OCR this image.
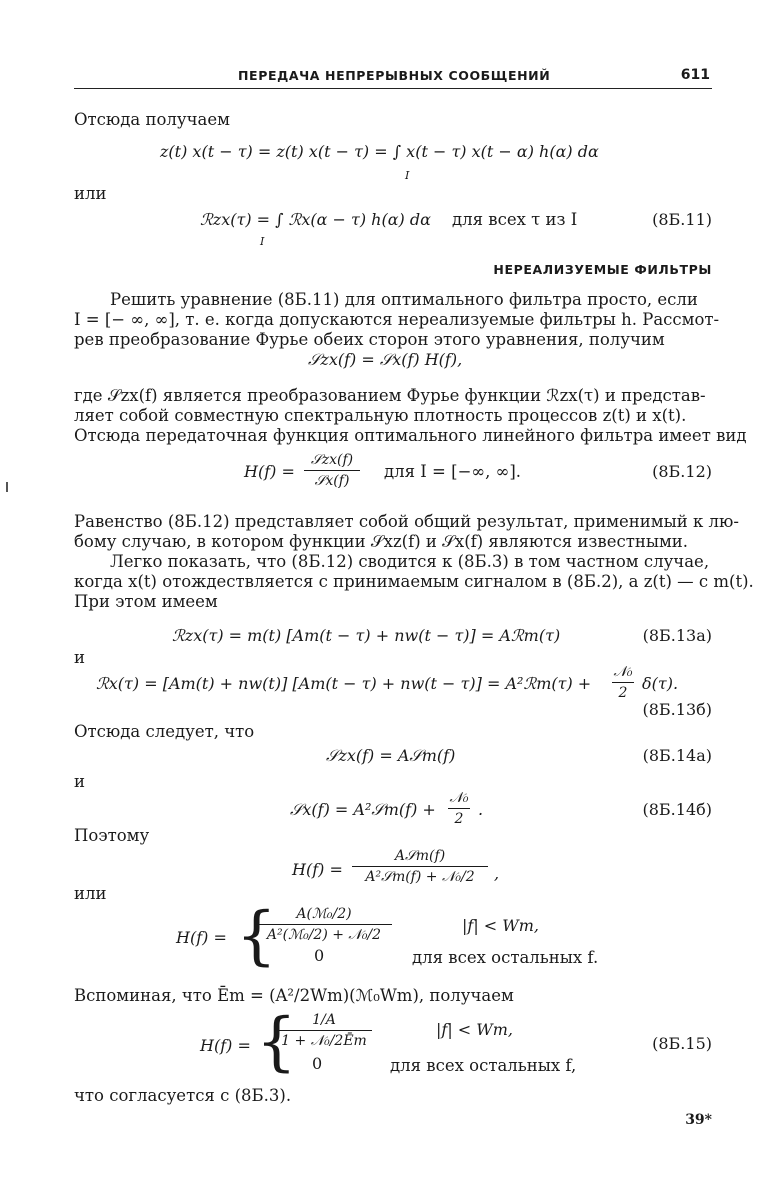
ПЕРЕДАЧА НЕПРЕРЫВНЫХ СООБЩЕНИЙ	611
Отсюда получаем
z(t) x(t − τ) = z(t) x(t − τ) = ∫ x(t − τ) x(t − α) h(α) dα
I
или
ℛzx(τ) = ∫ ℛx(α − τ) h(α) dα для всех τ из I
I
(8Б.11)
НЕРЕАЛИЗУЕМЫЕ ФИЛЬТРЫ
Решить уравнение (8Б.11) для оптимального фильтра просто, если
I = [− ∞, ∞], т. е. когда допускаются нереализуемые фильтры h. Рассмот-
рев преобразование Фурье обеих сторон этого уравнения, получим
𝒮zx(f) = 𝒮x(f) H(f),
где 𝒮zx(f) является преобразованием Фурье функции ℛzx(τ) и представ-
ляет собой совместную спектральную плотность процессов z(t) и x(t).
Отсюда передаточная функция оптимального линейного фильтра имеет вид
H(f) =
𝒮zx(f)
𝒮x(f)	для I = [−∞, ∞].	(8Б.12)
Равенство (8Б.12) представляет собой общий результат, применимый к лю-
бому случаю, в котором функции 𝒮xz(f) и 𝒮x(f) являются известными.
Легко показать, что (8Б.12) сводится к (8Б.3) в том частном случае,
когда x(t) отождествляется с принимаемым сигналом в (8Б.2), а z(t) — с m(t).
При этом имеем
ℛzx(τ) = m(t) [Am(t − τ) + nw(t − τ)] = Aℛm(τ)	(8Б.13а)
и
ℛx(τ) = [Am(t) + nw(t)] [Am(t − τ) + nw(t − τ)] = A²ℛm(τ) +
𝒩₀
2 δ(τ).
(8Б.13б)
Отсюда следует, что
𝒮zx(f) = A𝒮m(f)	(8Б.14а)
и
𝒮x(f) = A²𝒮m(f) +
𝒩₀
2 .	(8Б.14б)
Поэтому
H(f) =
A𝒮m(f)
A²𝒮m(f) + 𝒩₀/2	,
или
H(f) = {	A(ℳ₀/2)
A²(ℳ₀/2) + 𝒩₀/2	|f| < Wm,
0	для всех остальных f.
Вспоминая, что Ēm = (A²/2Wm)(ℳ₀Wm), получаем
H(f) = {	1/A
1 + 𝒩₀/2Ēm
|f| < Wm,
0	для всех остальных f,
(8Б.15)
что согласуется с (8Б.3).
39*
